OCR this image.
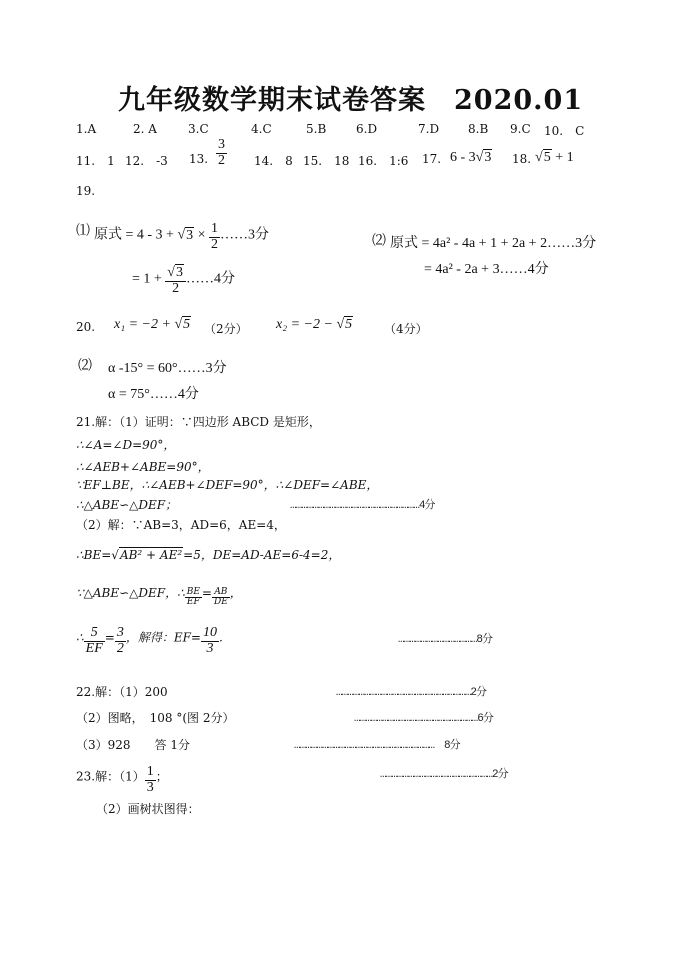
九年级数学期末试卷答案　2020.01
1.A	2. A	3.C	4.C	5.B 6.D	7.D 8.B 9.C 10.　C
11.　1 12.　-3 13. $\frac{3}{2} 14$.　8 15.　18 16.　1:6 17. 6 - 3√3 18. √5 + 1
19.
⑴ 原式 = $4 - 3 + √3 \times \frac{1}{2}$ ……3分
= $1 + \frac{√3}{2}$ ……4分
⑵ 原式 = 4a² - 4a + 1 + 2a + 2……3分
= 4a² - 2a + 3……4分
20. x₁ = −2 + √5 （2分） x₂ = −2 − √5	（4分）
⑵ α -15° = 60°……3分
α = 75°……4分
21.解：（1）证明：∵四边形 ABCD 是矩形，
∴∠A=∠D=90°，
∴∠AEB+∠ABE=90°，
∵EF⊥BE，∴∠AEB+∠DEF=90°，∴∠DEF=∠ABE，
∴△ABE∽△DEF；	……………………………………………………………4分
（2）解：∵AB=3，AD=6，AE=4，
∴BE=√AB² + AE²=5，DE=AD-AE=6-4=2，
∵△ABE∽△DEF，∴ $\frac{BE}{EF} = \frac{AB}{DE}$ ，
∴ $\frac{5}{EF} = \frac{3}{2}$ ，解得：$EF= \frac{10}{3}$ .	……………………………………8分
22.解：（1）200	………………………………………………………………2分
（2）图略，　108 °(图 2分）	…………………………………………………………6分
（3）928　　答 1分	…………………………………………………………………　8分
23.解：$(1) \frac{1}{3}$ ；	……………………………………………………2分
（2）画树状图得：
